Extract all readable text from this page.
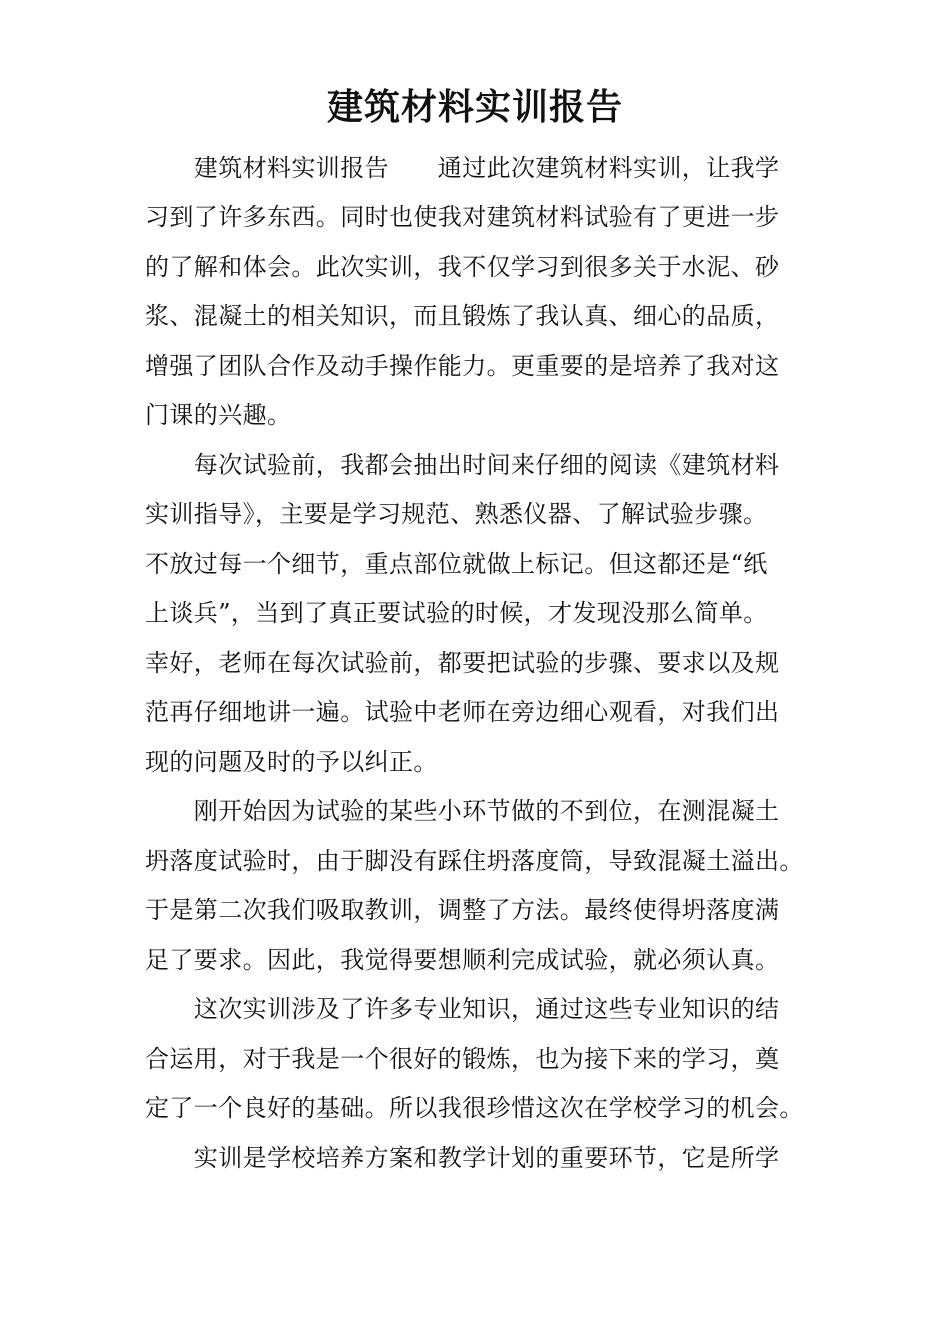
建筑材料实训报告
　　建筑材料实训报告　　通过此次建筑材料实训，让我学
习到了许多东西。同时也使我对建筑材料试验有了更进一步
的了解和体会。此次实训，我不仅学习到很多关于水泥、砂
浆、混凝土的相关知识，而且锻炼了我认真、细心的品质，
增强了团队合作及动手操作能力。更重要的是培养了我对这
门课的兴趣。
　　每次试验前，我都会抽出时间来仔细的阅读《建筑材料
实训指导》，主要是学习规范、熟悉仪器、了解试验步骤。
不放过每一个细节，重点部位就做上标记。但这都还是“纸
上谈兵”，当到了真正要试验的时候，才发现没那么简单。
幸好，老师在每次试验前，都要把试验的步骤、要求以及规
范再仔细地讲一遍。试验中老师在旁边细心观看，对我们出
现的问题及时的予以纠正。
　　刚开始因为试验的某些小环节做的不到位，在测混凝土
坍落度试验时，由于脚没有踩住坍落度筒，导致混凝土溢出。
于是第二次我们吸取教训，调整了方法。最终使得坍落度满
足了要求。因此，我觉得要想顺利完成试验，就必须认真。
　　这次实训涉及了许多专业知识，通过这些专业知识的结
合运用，对于我是一个很好的锻炼，也为接下来的学习，奠
定了一个良好的基础。所以我很珍惜这次在学校学习的机会。
　　实训是学校培养方案和教学计划的重要环节，它是所学
